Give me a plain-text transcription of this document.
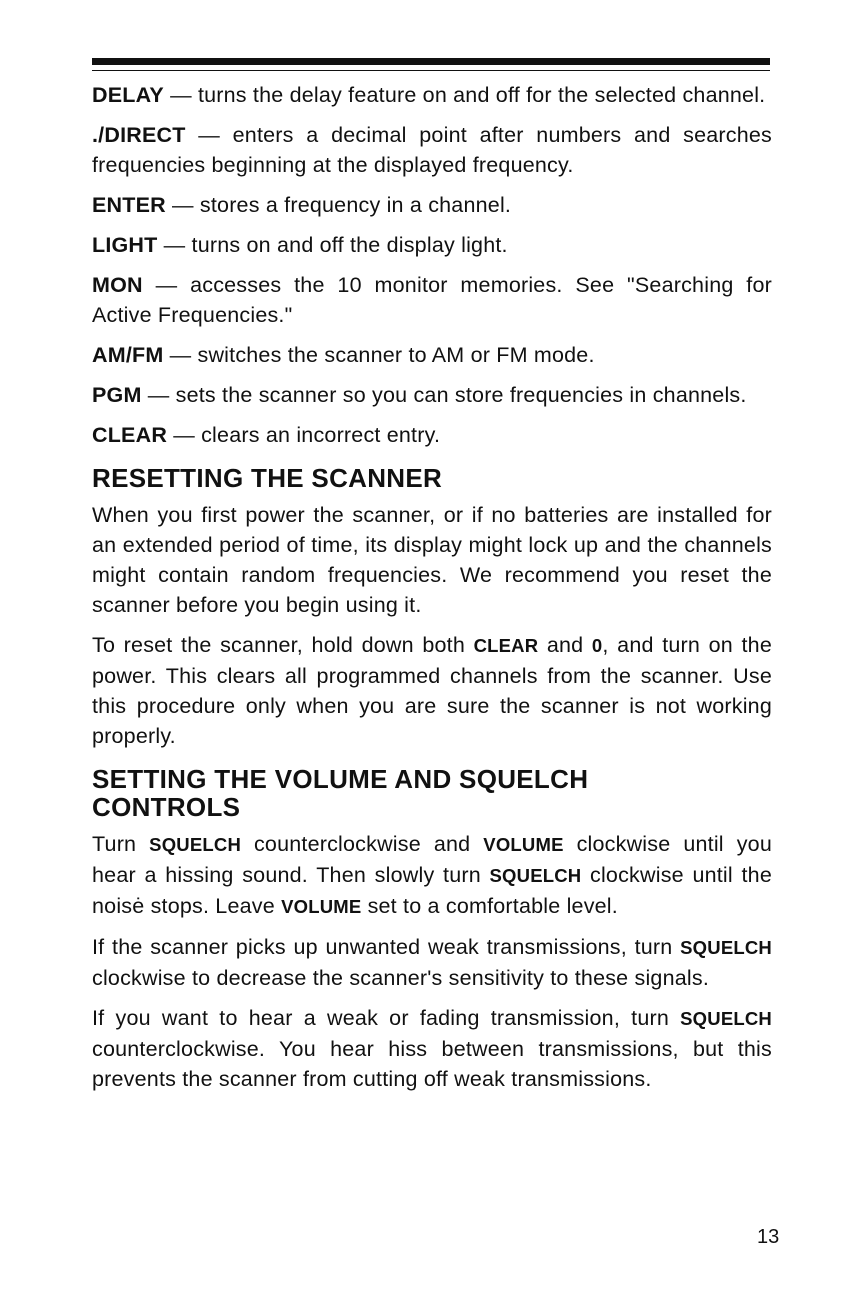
DELAY — turns the delay feature on and off for the selected channel.

./DIRECT — enters a decimal point after numbers and searches frequencies beginning at the displayed frequency.

ENTER — stores a frequency in a channel.

LIGHT — turns on and off the display light.

MON — accesses the 10 monitor memories. See "Searching for Active Frequencies."

AM/FM — switches the scanner to AM or FM mode.

PGM — sets the scanner so you can store frequencies in channels.

CLEAR — clears an incorrect entry.

RESETTING THE SCANNER

When you first power the scanner, or if no batteries are installed for an extended period of time, its display might lock up and the channels might contain random frequencies. We recommend you reset the scanner before you begin using it.

To reset the scanner, hold down both CLEAR and 0, and turn on the power. This clears all programmed channels from the scanner. Use this procedure only when you are sure the scanner is not working properly.

SETTING THE VOLUME AND SQUELCH
CONTROLS

Turn SQUELCH counterclockwise and VOLUME clockwise until you hear a hissing sound. Then slowly turn SQUELCH clockwise until the noisė stops. Leave VOLUME set to a comfortable level.

If the scanner picks up unwanted weak transmissions, turn SQUELCH clockwise to decrease the scanner's sensitivity to these signals.

If you want to hear a weak or fading transmission, turn SQUELCH counterclockwise. You hear hiss between transmissions, but this prevents the scanner from cutting off weak transmissions.

13
